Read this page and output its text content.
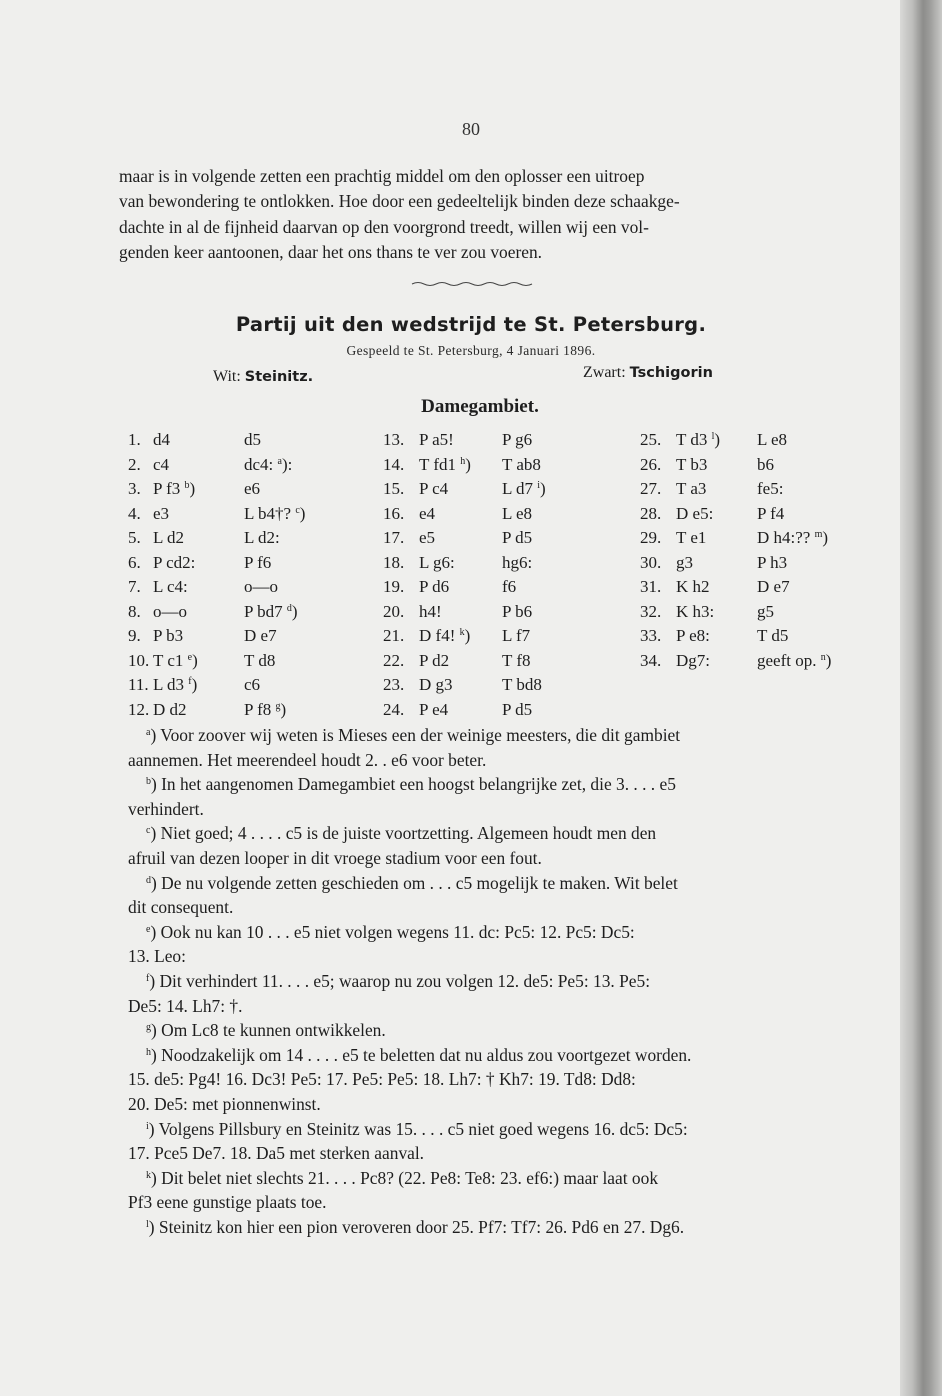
80
maar is in volgende zetten een prachtig middel om den oplosser een uitroep
van bewondering te ontlokken. Hoe door een gedeeltelijk binden deze schaakge-
dachte in al de fijnheid daarvan op den voorgrond treedt, willen wij een vol-
genden keer aantoonen, daar het ons thans te ver zou voeren.
Partij uit den wedstrijd te St. Petersburg.
Gespeeld te St. Petersburg, 4 Januari 1896.
Wit: Steinitz.	Zwart: Tschigorin
Damegambiet.
1. d4	d5	13. P a5!	P g6	25. T d3 $^l$) L e8
2. c4	dc4: $^a$):	14. T fd1 $^h$) T ab8	26. T b3	b6
3. P f3 $^b$)	e6	15. P c4	L d7 $^i$)	27. T a3	fe5:
4. e3	L b4†? $^c$)	16. e4	L e8	28. D e5:	P f4
5. L d2	L d2:	17. e5	P d5	29. T e1	D h4:?? $^m$)
6. P cd2:	P f6	18. L g6:	hg6:	30. g3	P h3
7. L c4:	o—o	19. P d6	f6	31. K h2	D e7
8. o—o	P bd7 $^d$)	20. h4!	P b6	32. K h3:	g5
9. P b3	D e7	21. D f4! $^k$) L f7	33. P e8:	T d5
10. T c1 $^e$)	T d8	22. P d2	T f8	34. Dg7:	geeft op. $^n$)
11. L d3 $^f$)	c6	23. D g3	T bd8
12. D d2	P f8 $^g$)	24. P e4	P d5
$^a$) Voor zoover wij weten is Mieses een der weinige meesters, die dit gambiet
aannemen. Het meerendeel houdt 2. . e6 voor beter.
$^b$) In het aangenomen Damegambiet een hoogst belangrijke zet, die 3. . . . e5
verhindert.
$^c$) Niet goed; 4 . . . . c5 is de juiste voortzetting. Algemeen houdt men den
afruil van dezen looper in dit vroege stadium voor een fout.
$^d$) De nu volgende zetten geschieden om . . . c5 mogelijk te maken. Wit belet
dit consequent.
$^e$) Ook nu kan 10 . . . e5 niet volgen wegens 11. dc: Pc5: 12. Pc5: Dc5:
13. Leo:
$^f$) Dit verhindert 11. . . . e5; waarop nu zou volgen 12. de5: Pe5: 13. Pe5:
De5: 14. Lh7: †.
$^g$) Om Lc8 te kunnen ontwikkelen.
$^h$) Noodzakelijk om 14 . . . . e5 te beletten dat nu aldus zou voortgezet worden.
15. de5: Pg4! 16. Dc3! Pe5: 17. Pe5: Pe5: 18. Lh7: † Kh7: 19. Td8: Dd8:
20. De5: met pionnenwinst.
$^i$) Volgens Pillsbury en Steinitz was 15. . . . c5 niet goed wegens 16. dc5: Dc5:
17. Pce5 De7. 18. Da5 met sterken aanval.
$^k$) Dit belet niet slechts 21. . . . Pc8? (22. Pe8: Te8: 23. ef6:) maar laat ook
Pf3 eene gunstige plaats toe.
$^l$) Steinitz kon hier een pion veroveren door 25. Pf7: Tf7: 26. Pd6 en 27. Dg6.
